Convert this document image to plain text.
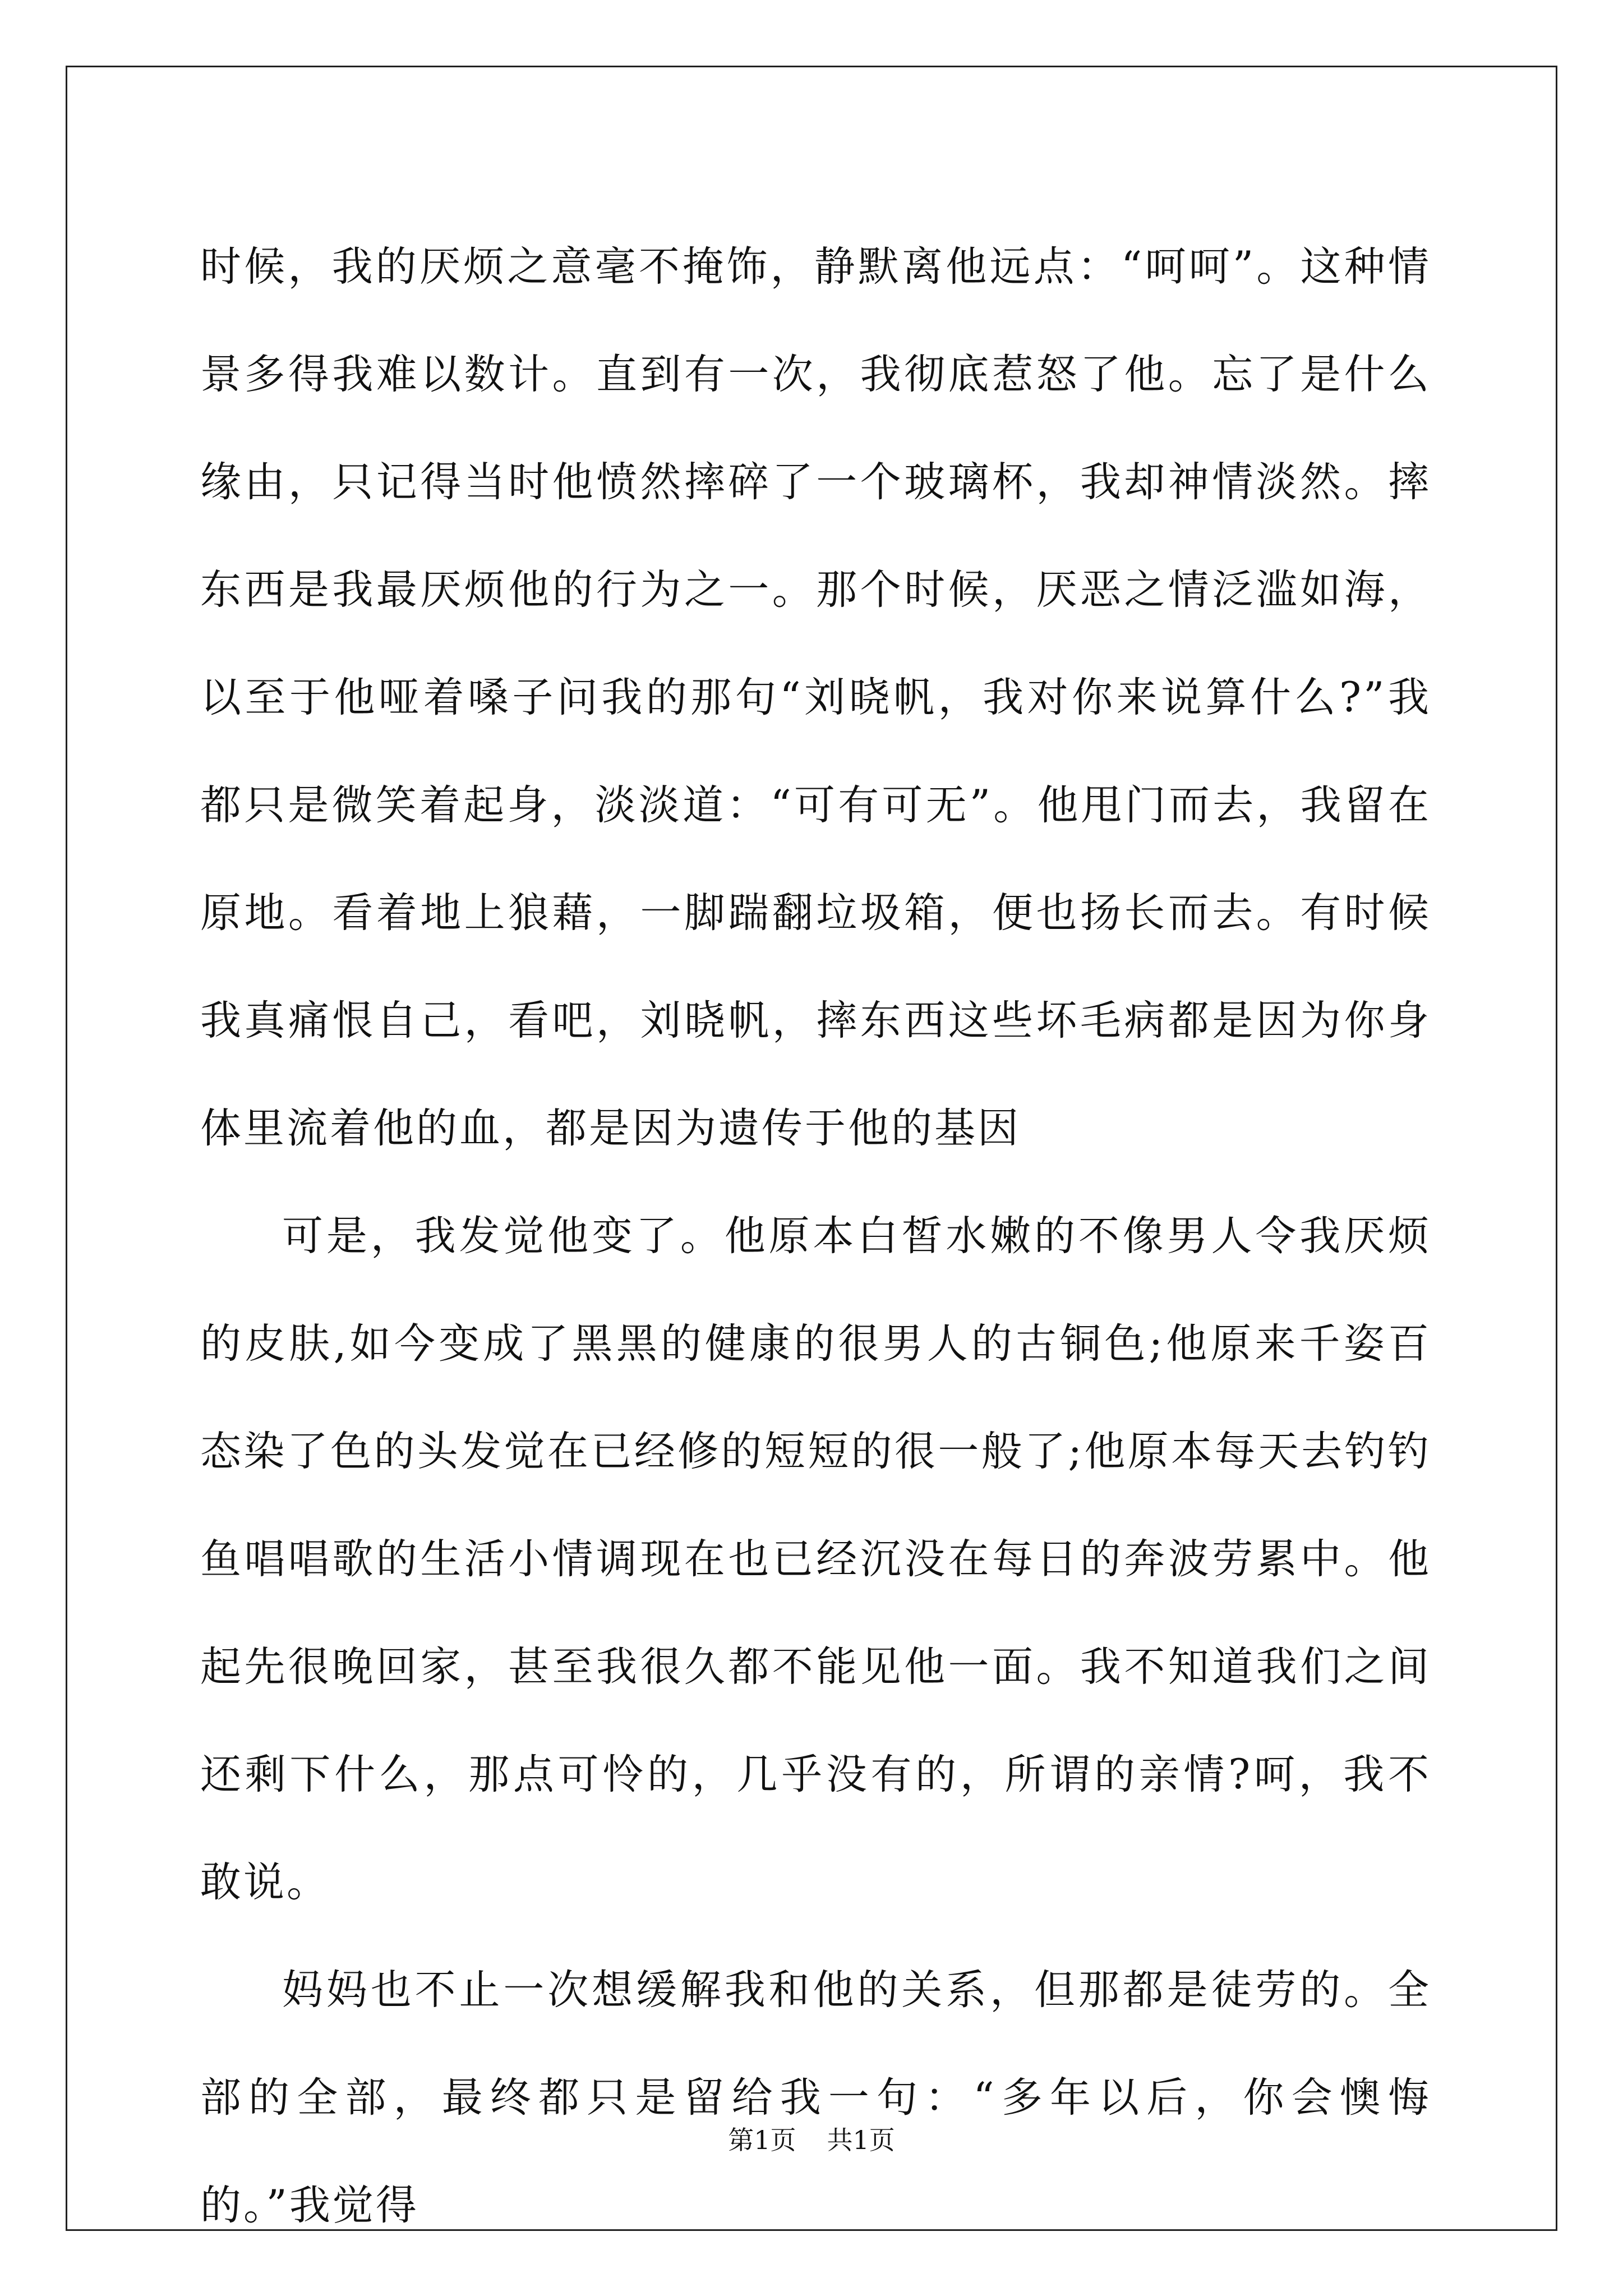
时候，我的厌烦之意毫不掩饰，静默离他远点：“呵呵”。这种情景多得我难以数计。直到有一次，我彻底惹怒了他。忘了是什么缘由，只记得当时他愤然摔碎了一个玻璃杯，我却神情淡然。摔东西是我最厌烦他的行为之一。那个时候，厌恶之情泛滥如海，以至于他哑着嗓子问我的那句“刘晓帆，我对你来说算什么?”我都只是微笑着起身，淡淡道：“可有可无”。他甩门而去，我留在原地。看着地上狼藉，一脚踹翻垃圾箱，便也扬长而去。有时候我真痛恨自己，看吧，刘晓帆，摔东西这些坏毛病都是因为你身体里流着他的血，都是因为遗传于他的基因

可是，我发觉他变了。他原本白皙水嫩的不像男人令我厌烦的皮肤,如今变成了黑黑的健康的很男人的古铜色;他原来千姿百态染了色的头发觉在已经修的短短的很一般了;他原本每天去钓钓鱼唱唱歌的生活小情调现在也已经沉没在每日的奔波劳累中。他起先很晚回家，甚至我很久都不能见他一面。我不知道我们之间还剩下什么，那点可怜的，几乎没有的，所谓的亲情?呵，我不敢说。

妈妈也不止一次想缓解我和他的关系，但那都是徒劳的。全部的全部，最终都只是留给我一句：“多年以后，你会懊悔的。”我觉得

第1页 共1页
